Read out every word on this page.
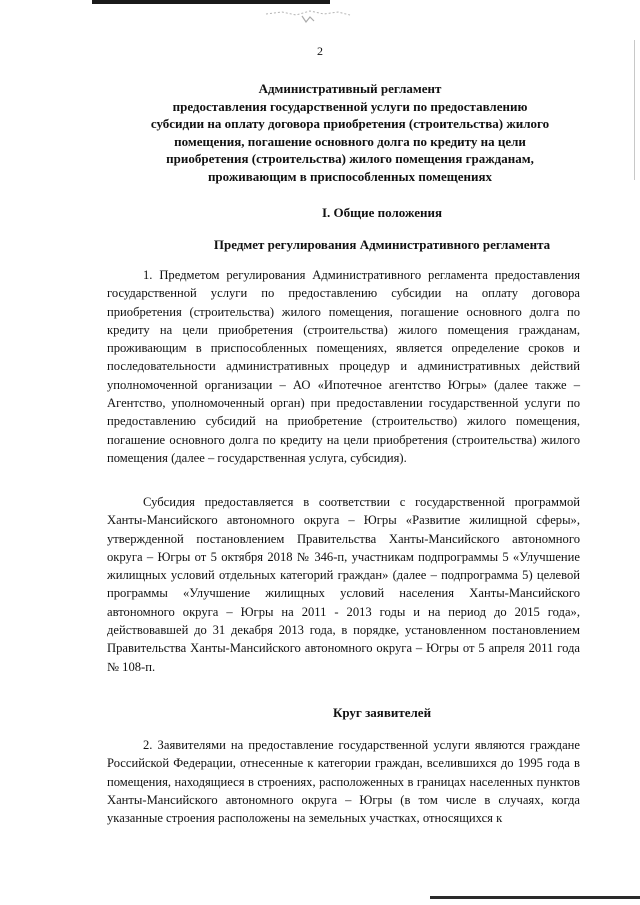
2
Административный регламент
предоставления государственной услуги по предоставлению
субсидии на оплату договора приобретения (строительства) жилого
помещения, погашение основного долга по кредиту на цели
приобретения (строительства) жилого помещения гражданам,
проживающим в приспособленных помещениях
I. Общие положения
Предмет регулирования Административного регламента
1. Предметом регулирования Административного регламента предоставления государственной услуги по предоставлению субсидии на оплату договора приобретения (строительства) жилого помещения, погашение основного долга по кредиту на цели приобретения (строительства) жилого помещения гражданам, проживающим в приспособленных помещениях, является определение сроков и последовательности административных процедур и административных действий уполномоченной организации – АО «Ипотечное агентство Югры» (далее также – Агентство, уполномоченный орган) при предоставлении государственной услуги по предоставлению субсидий на приобретение (строительство) жилого помещения, погашение основного долга по кредиту на цели приобретения (строительства) жилого помещения (далее – государственная услуга, субсидия).
Субсидия предоставляется в соответствии с государственной программой Ханты-Мансийского автономного округа – Югры «Развитие жилищной сферы», утвержденной постановлением Правительства Ханты-Мансийского автономного округа – Югры от 5 октября 2018 № 346-п, участникам подпрограммы 5 «Улучшение жилищных условий отдельных категорий граждан» (далее – подпрограмма 5) целевой программы «Улучшение жилищных условий населения Ханты-Мансийского автономного округа – Югры на 2011 - 2013 годы и на период до 2015 года», действовавшей до 31 декабря 2013 года, в порядке, установленном постановлением Правительства Ханты-Мансийского автономного округа – Югры от 5 апреля 2011 года № 108-п.
Круг заявителей
2. Заявителями на предоставление государственной услуги являются граждане Российской Федерации, отнесенные к категории граждан, вселившихся до 1995 года в помещения, находящиеся в строениях, расположенных в границах населенных пунктов Ханты-Мансийского автономного округа – Югры (в том числе в случаях, когда указанные строения расположены на земельных участках, относящихся к
